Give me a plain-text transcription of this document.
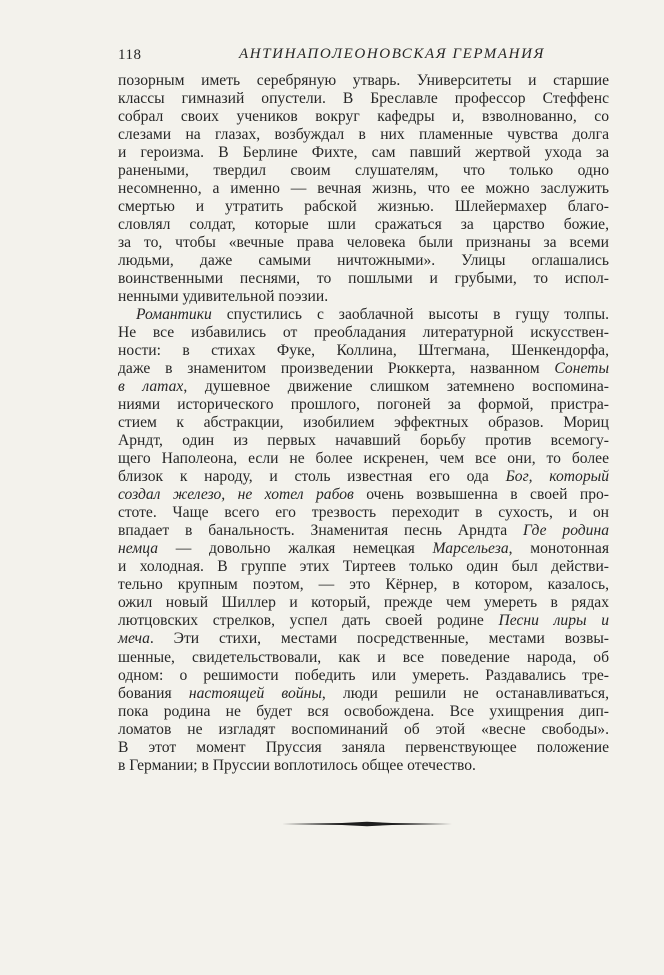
118	АНТИНАПОЛЕОНОВСКАЯ ГЕРМАНИЯ
позорным иметь серебряную утварь. Университеты и старшие
классы гимназий опустели. В Бреславле профессор Стеффенс
собрал своих учеников вокруг кафедры и, взволнованно, со
слезами на глазах, возбуждал в них пламенные чувства долга
и героизма. В Берлине Фихте, сам павший жертвой ухода за
ранеными, твердил своим слушателям, что только одно
несомненно, а именно — вечная жизнь, что ее можно заслужить
смертью и утратить рабской жизнью. Шлейермахер благо-
словлял солдат, которые шли сражаться за царство божие,
за то, чтобы «вечные права человека были признаны за всеми
людьми, даже самыми ничтожными». Улицы оглашались
воинственными песнями, то пошлыми и грубыми, то испол-
ненными удивительной поэзии.
Романтики спустились с заоблачной высоты в гущу толпы.
Не все избавились от преобладания литературной искусствен-
ности: в стихах Фуке, Коллина, Штегмана, Шенкендорфа,
даже в знаменитом произведении Рюккерта, названном Сонеты
в латах, душевное движение слишком затемнено воспомина-
ниями исторического прошлого, погоней за формой, пристра-
стием к абстракции, изобилием эффектных образов. Мориц
Арндт, один из первых начавший борьбу против всемогу-
щего Наполеона, если не более искренен, чем все они, то более
близок к народу, и столь известная его ода Бог, который
создал железо, не хотел рабов очень возвышенна в своей про-
стоте. Чаще всего его трезвость переходит в сухость, и он
впадает в банальность. Знаменитая песнь Арндта Где родина
немца — довольно жалкая немецкая Марсельеза, монотонная
и холодная. В группе этих Тиртеев только один был действи-
тельно крупным поэтом, — это Кёрнер, в котором, казалось,
ожил новый Шиллер и который, прежде чем умереть в рядах
лютцовских стрелков, успел дать своей родине Песни лиры и
меча. Эти стихи, местами посредственные, местами возвы-
шенные, свидетельствовали, как и все поведение народа, об
одном: о решимости победить или умереть. Раздавались тре-
бования настоящей войны, люди решили не останавливаться,
пока родина не будет вся освобождена. Все ухищрения дип-
ломатов не изгладят воспоминаний об этой «весне свободы».
В этот момент Пруссия заняла первенствующее положение
в Германии; в Пруссии воплотилось общее отечество.
